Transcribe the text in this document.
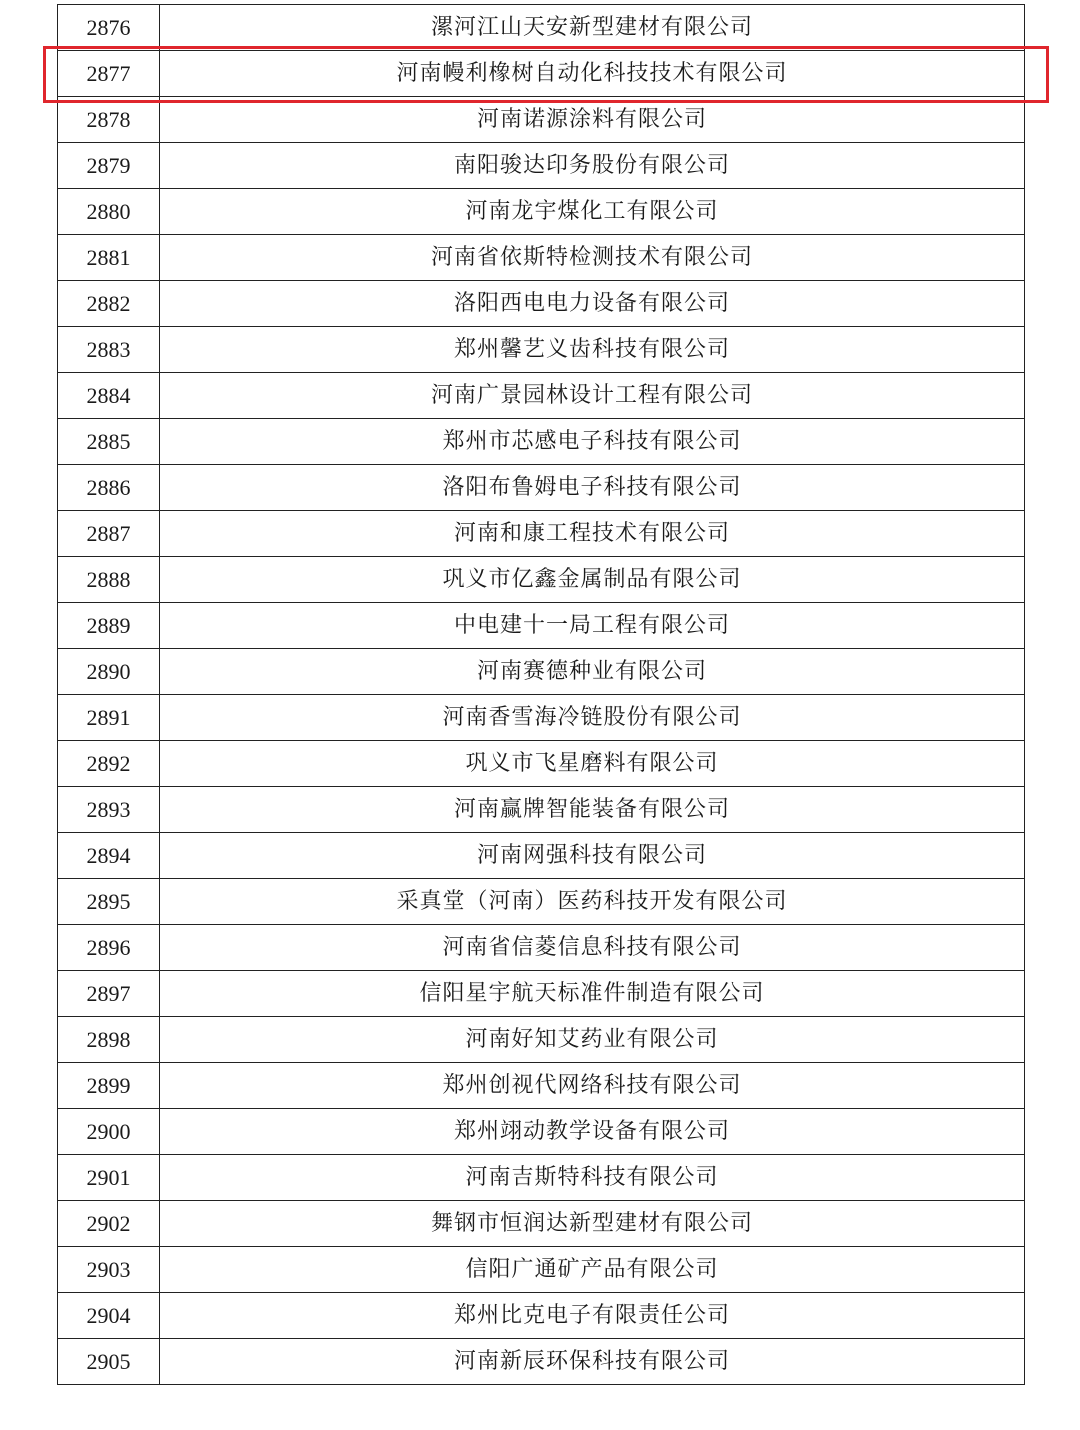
2876	漯河江山天安新型建材有限公司
2877	河南幔利橡树自动化科技技术有限公司
2878	河南诺源涂料有限公司
2879	南阳骏达印务股份有限公司
2880	河南龙宇煤化工有限公司
2881	河南省依斯特检测技术有限公司
2882	洛阳西电电力设备有限公司
2883	郑州馨艺义齿科技有限公司
2884	河南广景园林设计工程有限公司
2885	郑州市芯感电子科技有限公司
2886	洛阳布鲁姆电子科技有限公司
2887	河南和康工程技术有限公司
2888	巩义市亿鑫金属制品有限公司
2889	中电建十一局工程有限公司
2890	河南赛德种业有限公司
2891	河南香雪海冷链股份有限公司
2892	巩义市飞星磨料有限公司
2893	河南赢牌智能装备有限公司
2894	河南网强科技有限公司
2895	采真堂（河南）医药科技开发有限公司
2896	河南省信菱信息科技有限公司
2897	信阳星宇航天标准件制造有限公司
2898	河南好知艾药业有限公司
2899	郑州创视代网络科技有限公司
2900	郑州翊动教学设备有限公司
2901	河南吉斯特科技有限公司
2902	舞钢市恒润达新型建材有限公司
2903	信阳广通矿产品有限公司
2904	郑州比克电子有限责任公司
2905	河南新辰环保科技有限公司
